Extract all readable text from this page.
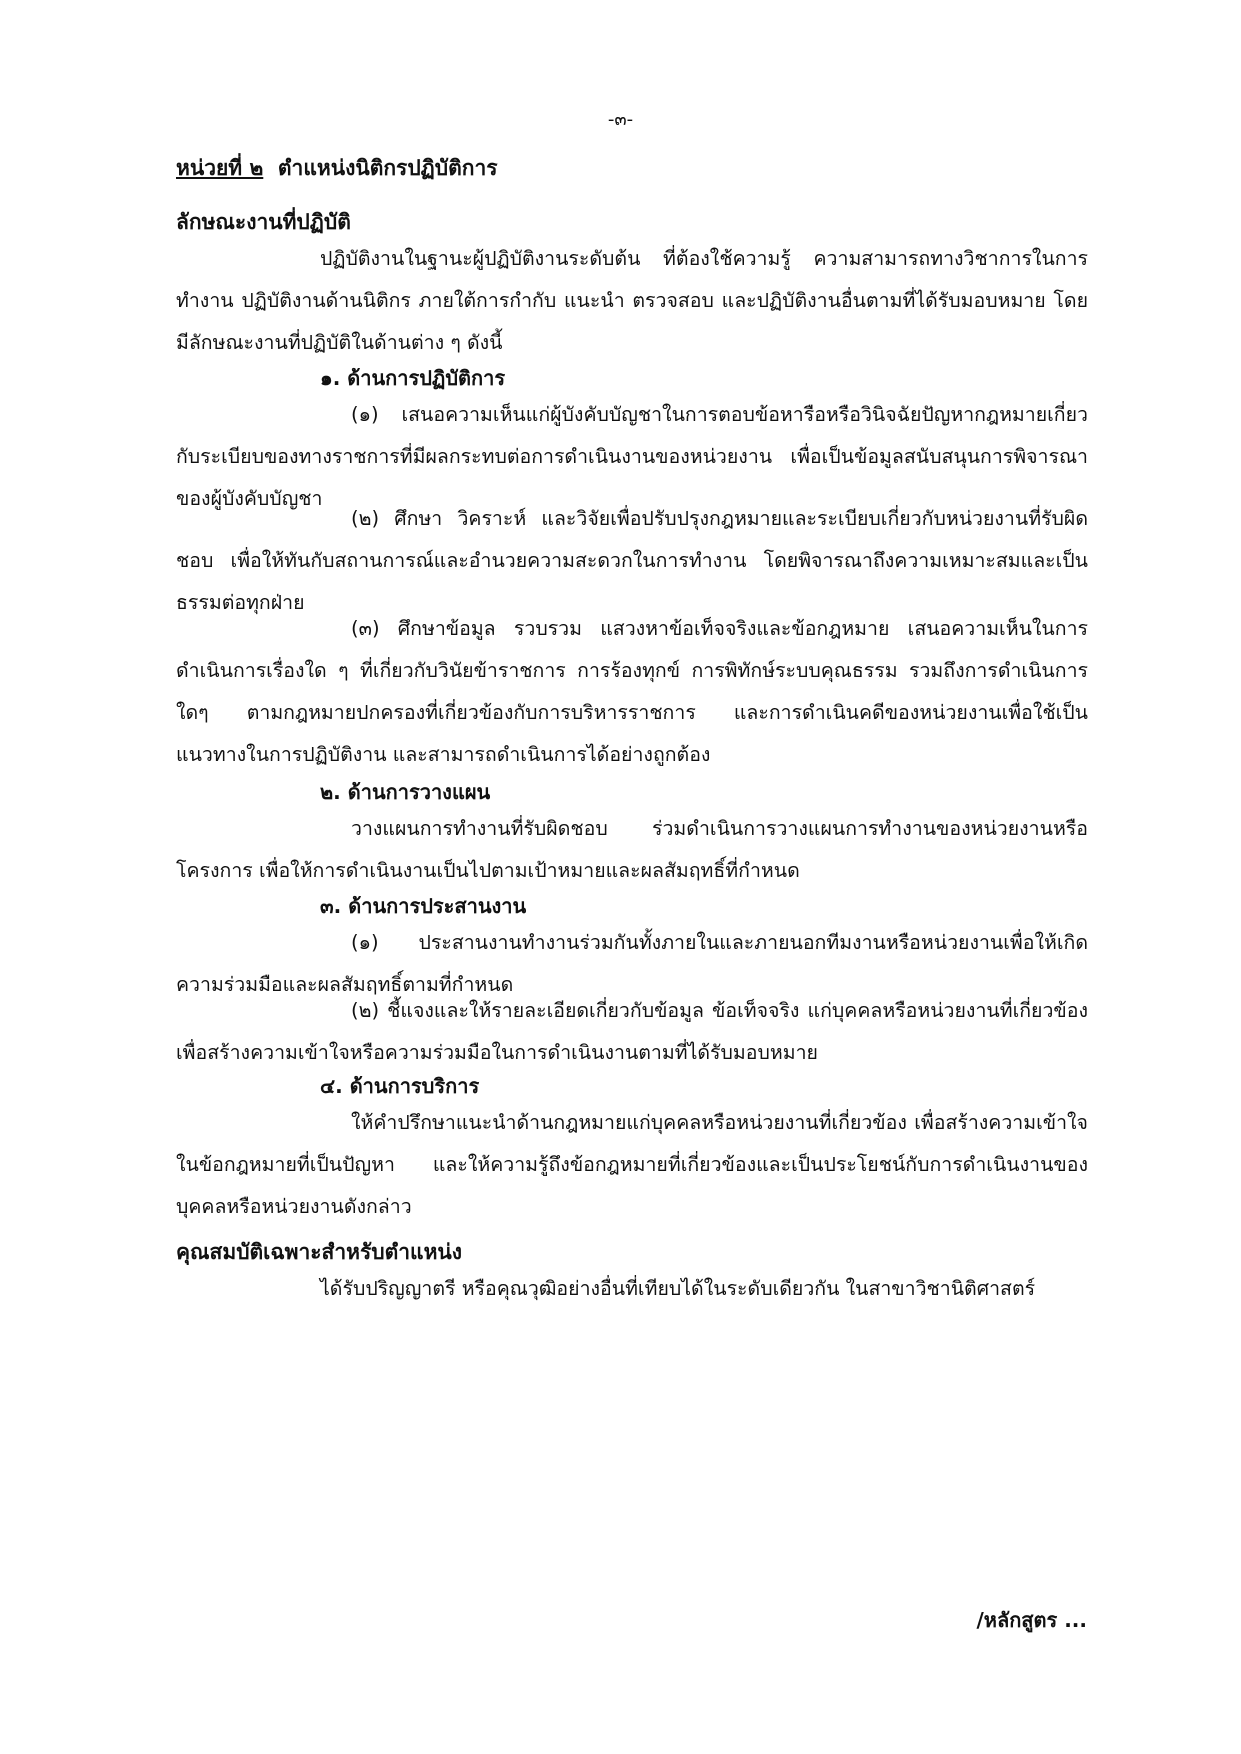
-๓-
หน่วยที่ ๒ ตำแหน่งนิติกรปฏิบัติการ
ลักษณะงานที่ปฏิบัติ

ปฏิบัติงานในฐานะผู้ปฏิบัติงานระดับต้น ที่ต้องใช้ความรู้ ความสามารถทางวิชาการในการทำงาน ปฏิบัติงานด้านนิติกร ภายใต้การกำกับ แนะนำ ตรวจสอบ และปฏิบัติงานอื่นตามที่ได้รับมอบหมาย โดยมีลักษณะงานที่ปฏิบัติในด้านต่าง ๆ ดังนี้

๑. ด้านการปฏิบัติการ

(๑) เสนอความเห็นแก่ผู้บังคับบัญชาในการตอบข้อหารือหรือวินิจฉัยปัญหากฎหมายเกี่ยวกับระเบียบของทางราชการที่มีผลกระทบต่อการดำเนินงานของหน่วยงาน เพื่อเป็นข้อมูลสนับสนุนการพิจารณาของผู้บังคับบัญชา

(๒) ศึกษา วิคราะห์ และวิจัยเพื่อปรับปรุงกฎหมายและระเบียบเกี่ยวกับหน่วยงานที่รับผิดชอบ เพื่อให้ทันกับสถานการณ์และอำนวยความสะดวกในการทำงาน โดยพิจารณาถึงความเหมาะสมและเป็นธรรมต่อทุกฝ่าย

(๓) ศึกษาข้อมูล รวบรวม แสวงหาข้อเท็จจริงและข้อกฎหมาย เสนอความเห็นในการดำเนินการเรื่องใด ๆ ที่เกี่ยวกับวินัยข้าราชการ การร้องทุกข์ การพิทักษ์ระบบคุณธรรม รวมถึงการดำเนินการใดๆ ตามกฎหมายปกครองที่เกี่ยวข้องกับการบริหารราชการ และการดำเนินคดีของหน่วยงานเพื่อใช้เป็นแนวทางในการปฏิบัติงาน และสามารถดำเนินการได้อย่างถูกต้อง

๒. ด้านการวางแผน

วางแผนการทำงานที่รับผิดชอบ ร่วมดำเนินการวางแผนการทำงานของหน่วยงานหรือโครงการ เพื่อให้การดำเนินงานเป็นไปตามเป้าหมายและผลสัมฤทธิ์ที่กำหนด

๓. ด้านการประสานงาน

(๑) ประสานงานทำงานร่วมกันทั้งภายในและภายนอกทีมงานหรือหน่วยงานเพื่อให้เกิดความร่วมมือและผลสัมฤทธิ์ตามที่กำหนด

(๒) ชี้แจงและให้รายละเอียดเกี่ยวกับข้อมูล ข้อเท็จจริง แก่บุคคลหรือหน่วยงานที่เกี่ยวข้อง เพื่อสร้างความเข้าใจหรือความร่วมมือในการดำเนินงานตามที่ได้รับมอบหมาย

๔. ด้านการบริการ

ให้คำปรึกษาแนะนำด้านกฎหมายแก่บุคคลหรือหน่วยงานที่เกี่ยวข้อง เพื่อสร้างความเข้าใจในข้อกฎหมายที่เป็นปัญหา และให้ความรู้ถึงข้อกฎหมายที่เกี่ยวข้องและเป็นประโยชน์กับการดำเนินงานของบุคคลหรือหน่วยงานดังกล่าว

คุณสมบัติเฉพาะสำหรับตำแหน่ง

ได้รับปริญญาตรี หรือคุณวุฒิอย่างอื่นที่เทียบได้ในระดับเดียวกัน ในสาขาวิชานิติศาสตร์

/หลักสูตร ...
